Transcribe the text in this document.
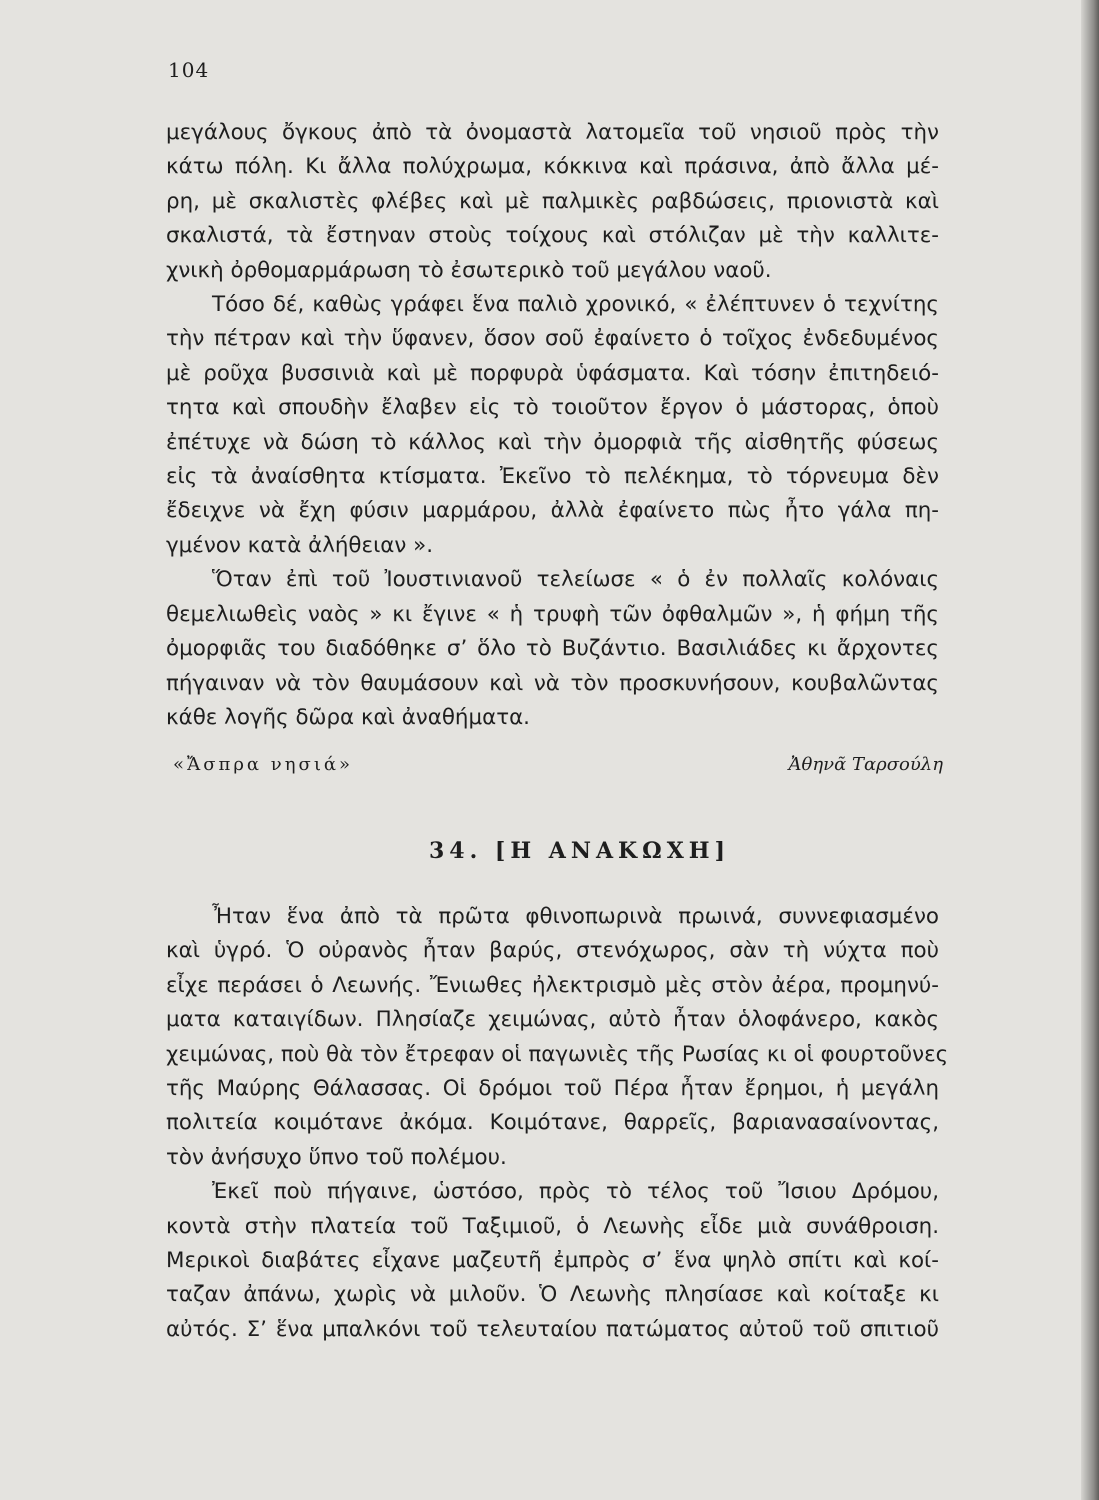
104
μεγάλους ὄγκους ἀπὸ τὰ ὀνομαστὰ λατομεῖα τοῦ νησιοῦ πρὸς τὴν
κάτω πόλη. Κι ἄλλα πολύχρωμα, κόκκινα καὶ πράσινα, ἀπὸ ἄλλα μέ-
ρη, μὲ σκαλιστὲς φλέβες καὶ μὲ παλμικὲς ραβδώσεις, πριονιστὰ καὶ
σκαλιστά, τὰ ἔστηναν στοὺς τοίχους καὶ στόλιζαν μὲ τὴν καλλιτε-
χνικὴ ὀρθομαρμάρωση τὸ ἐσωτερικὸ τοῦ μεγάλου ναοῦ.
Τόσο δέ, καθὼς γράφει ἕνα παλιὸ χρονικό, « ἐλέπτυνεν ὁ τεχνίτης
τὴν πέτραν καὶ τὴν ὕφανεν, ὅσον σοῦ ἐφαίνετο ὁ τοῖχος ἐνδεδυμένος
μὲ ροῦχα βυσσινιὰ καὶ μὲ πορφυρὰ ὑφάσματα. Καὶ τόσην ἐπιτηδειό-
τητα καὶ σπουδὴν ἔλαβεν εἰς τὸ τοιοῦτον ἔργον ὁ μάστορας, ὁποὺ
ἐπέτυχε νὰ δώση τὸ κάλλος καὶ τὴν ὀμορφιὰ τῆς αἰσθητῆς φύσεως
εἰς τὰ ἀναίσθητα κτίσματα. Ἐκεῖνο τὸ πελέκημα, τὸ τόρνευμα δὲν
ἔδειχνε νὰ ἔχη φύσιν μαρμάρου, ἀλλὰ ἐφαίνετο πὼς ἦτο γάλα πη-
γμένον κατὰ ἀλήθειαν ».
Ὅταν ἐπὶ τοῦ Ἰουστινιανοῦ τελείωσε « ὁ ἐν πολλαῖς κολόναις
θεμελιωθεὶς ναὸς » κι ἔγινε « ἡ τρυφὴ τῶν ὀφθαλμῶν », ἡ φήμη τῆς
ὀμορφιᾶς του διαδόθηκε σ’ ὅλο τὸ Βυζάντιο. Βασιλιάδες κι ἄρχοντες
πήγαιναν νὰ τὸν θαυμάσουν καὶ νὰ τὸν προσκυνήσουν, κουβαλῶντας
κάθε λογῆς δῶρα καὶ ἀναθήματα.
«Ἄσπρα νησιά»	Ἀθηνᾶ Ταρσούλη
34. [Η ΑΝΑΚΩΧΗ]
Ἦταν ἕνα ἀπὸ τὰ πρῶτα φθινοπωρινὰ πρωινά, συννεφιασμένο
καὶ ὑγρό. Ὁ οὐρανὸς ἦταν βαρύς, στενόχωρος, σὰν τὴ νύχτα ποὺ
εἶχε περάσει ὁ Λεωνής. Ἔνιωθες ἠλεκτρισμὸ μὲς στὸν ἀέρα, προμηνύ-
ματα καταιγίδων. Πλησίαζε χειμώνας, αὐτὸ ἦταν ὁλοφάνερο, κακὸς
χειμώνας, ποὺ θὰ τὸν ἔτρεφαν οἱ παγωνιὲς τῆς Ρωσίας κι οἱ φουρτοῦνες
τῆς Μαύρης Θάλασσας. Οἱ δρόμοι τοῦ Πέρα ἦταν ἔρημοι, ἡ μεγάλη
πολιτεία κοιμότανε ἀκόμα. Κοιμότανε, θαρρεῖς, βαριανασαίνοντας,
τὸν ἀνήσυχο ὕπνο τοῦ πολέμου.
Ἐκεῖ ποὺ πήγαινε, ὡστόσο, πρὸς τὸ τέλος τοῦ Ἴσιου Δρόμου,
κοντὰ στὴν πλατεία τοῦ Ταξιμιοῦ, ὁ Λεωνὴς εἶδε μιὰ συνάθροιση.
Μερικοὶ διαβάτες εἶχανε μαζευτῆ ἐμπρὸς σ’ ἕνα ψηλὸ σπίτι καὶ κοί-
ταζαν ἀπάνω, χωρὶς νὰ μιλοῦν. Ὁ Λεωνὴς πλησίασε καὶ κοίταξε κι
αὐτός. Σ’ ἕνα μπαλκόνι τοῦ τελευταίου πατώματος αὐτοῦ τοῦ σπιτιοῦ
